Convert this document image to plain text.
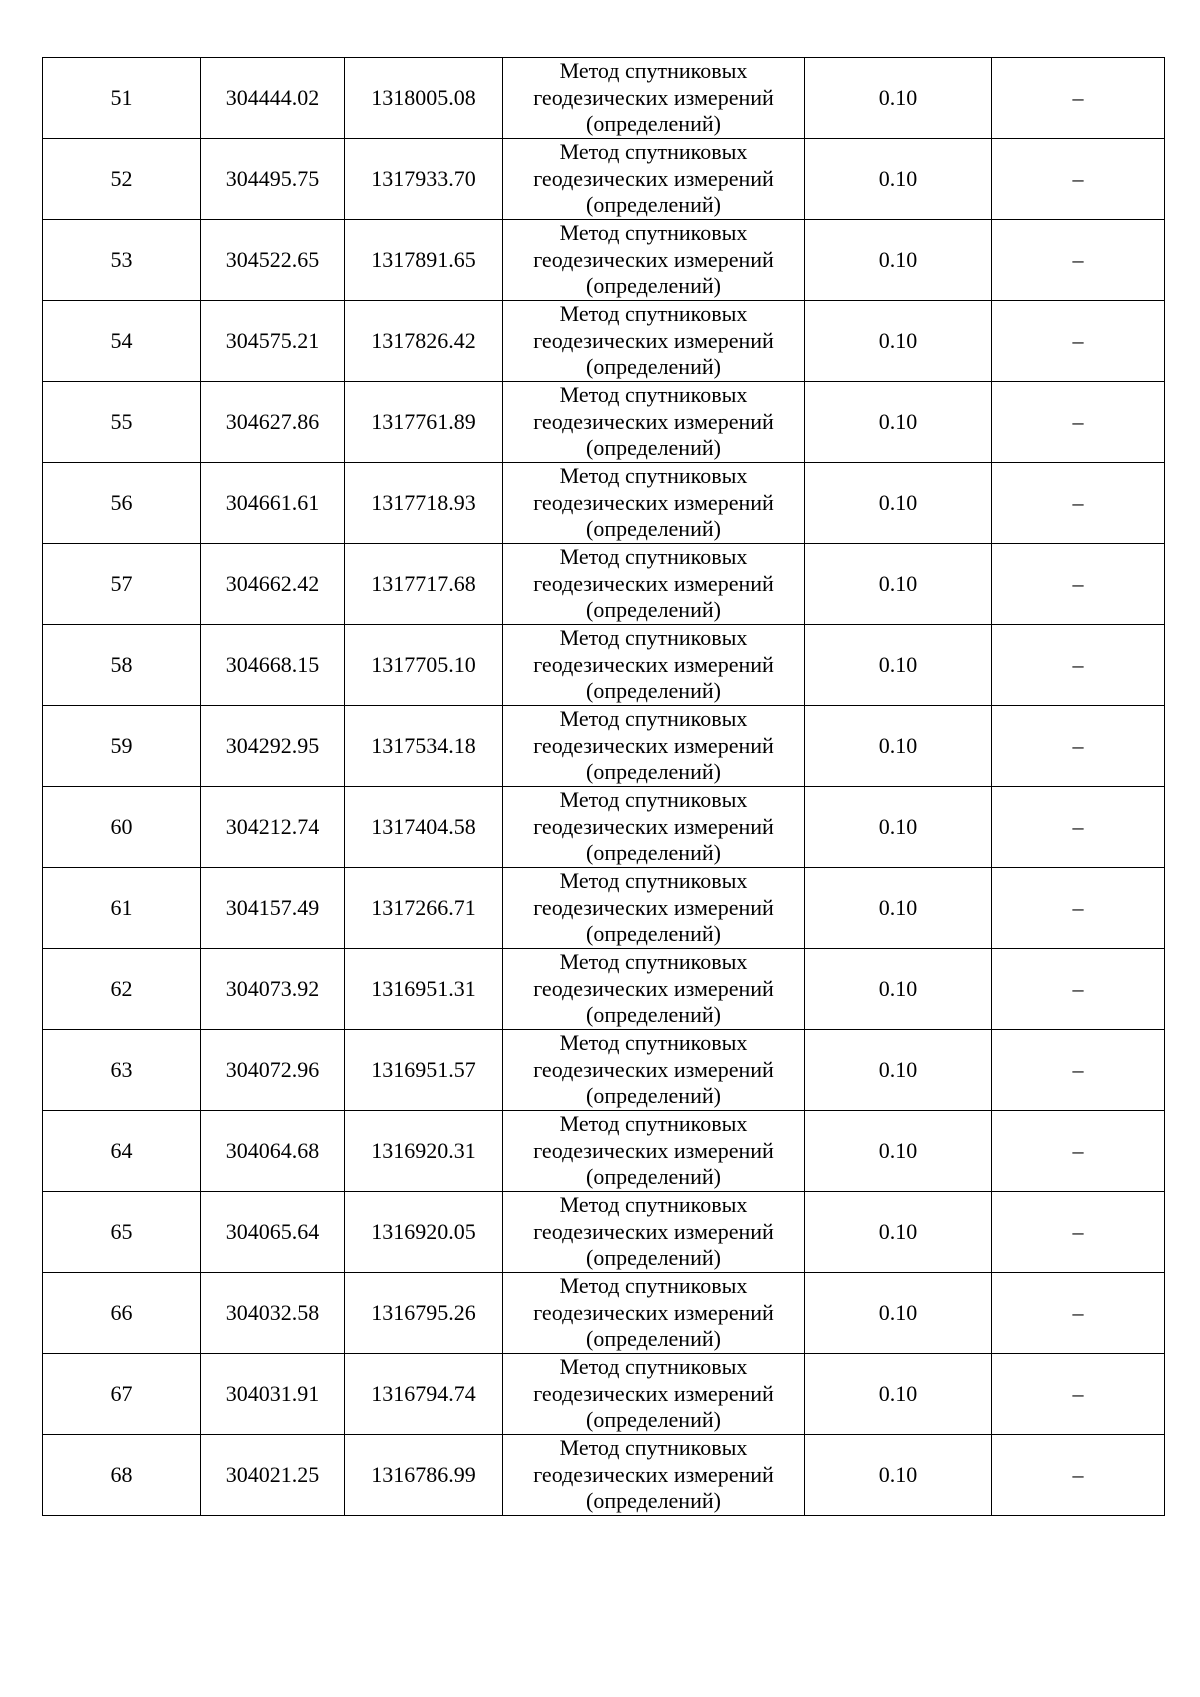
51	304444.02	1318005.08	Метод спутниковых
геодезических измерений
(определений)	0.10	–
52	304495.75	1317933.70	Метод спутниковых
геодезических измерений
(определений)	0.10	–
53	304522.65	1317891.65	Метод спутниковых
геодезических измерений
(определений)	0.10	–
54	304575.21	1317826.42	Метод спутниковых
геодезических измерений
(определений)	0.10	–
55	304627.86	1317761.89	Метод спутниковых
геодезических измерений
(определений)	0.10	–
56	304661.61	1317718.93	Метод спутниковых
геодезических измерений
(определений)	0.10	–
57	304662.42	1317717.68	Метод спутниковых
геодезических измерений
(определений)	0.10	–
58	304668.15	1317705.10	Метод спутниковых
геодезических измерений
(определений)	0.10	–
59	304292.95	1317534.18	Метод спутниковых
геодезических измерений
(определений)	0.10	–
60	304212.74	1317404.58	Метод спутниковых
геодезических измерений
(определений)	0.10	–
61	304157.49	1317266.71	Метод спутниковых
геодезических измерений
(определений)	0.10	–
62	304073.92	1316951.31	Метод спутниковых
геодезических измерений
(определений)	0.10	–
63	304072.96	1316951.57	Метод спутниковых
геодезических измерений
(определений)	0.10	–
64	304064.68	1316920.31	Метод спутниковых
геодезических измерений
(определений)	0.10	–
65	304065.64	1316920.05	Метод спутниковых
геодезических измерений
(определений)	0.10	–
66	304032.58	1316795.26	Метод спутниковых
геодезических измерений
(определений)	0.10	–
67	304031.91	1316794.74	Метод спутниковых
геодезических измерений
(определений)	0.10	–
68	304021.25	1316786.99	Метод спутниковых
геодезических измерений
(определений)	0.10	–
